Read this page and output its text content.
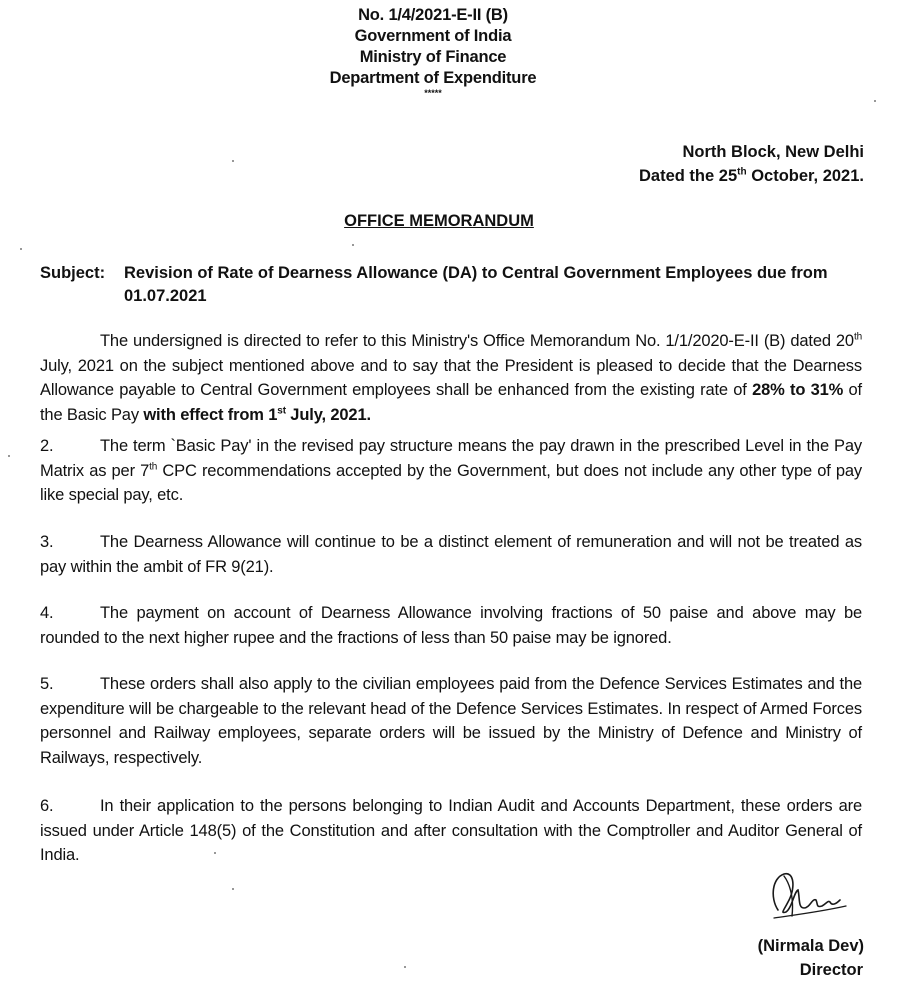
No. 1/4/2021-E-II (B)
Government of India
Ministry of Finance
Department of Expenditure
*****
North Block, New Delhi
Dated the 25th October, 2021.
OFFICE MEMORANDUM
Subject: Revision of Rate of Dearness Allowance (DA) to Central Government Employees due from 01.07.2021
The undersigned is directed to refer to this Ministry's Office Memorandum No. 1/1/2020-E-II (B) dated 20th July, 2021 on the subject mentioned above and to say that the President is pleased to decide that the Dearness Allowance payable to Central Government employees shall be enhanced from the existing rate of 28% to 31% of the Basic Pay with effect from 1st July, 2021.
2.	The term `Basic Pay' in the revised pay structure means the pay drawn in the prescribed Level in the Pay Matrix as per 7th CPC recommendations accepted by the Government, but does not include any other type of pay like special pay, etc.
3.	The Dearness Allowance will continue to be a distinct element of remuneration and will not be treated as pay within the ambit of FR 9(21).
4.	The payment on account of Dearness Allowance involving fractions of 50 paise and above may be rounded to the next higher rupee and the fractions of less than 50 paise may be ignored.
5.	These orders shall also apply to the civilian employees paid from the Defence Services Estimates and the expenditure will be chargeable to the relevant head of the Defence Services Estimates. In respect of Armed Forces personnel and Railway employees, separate orders will be issued by the Ministry of Defence and Ministry of Railways, respectively.
6.	In their application to the persons belonging to Indian Audit and Accounts Department, these orders are issued under Article 148(5) of the Constitution and after consultation with the Comptroller and Auditor General of India.
(Nirmala Dev)
Director
